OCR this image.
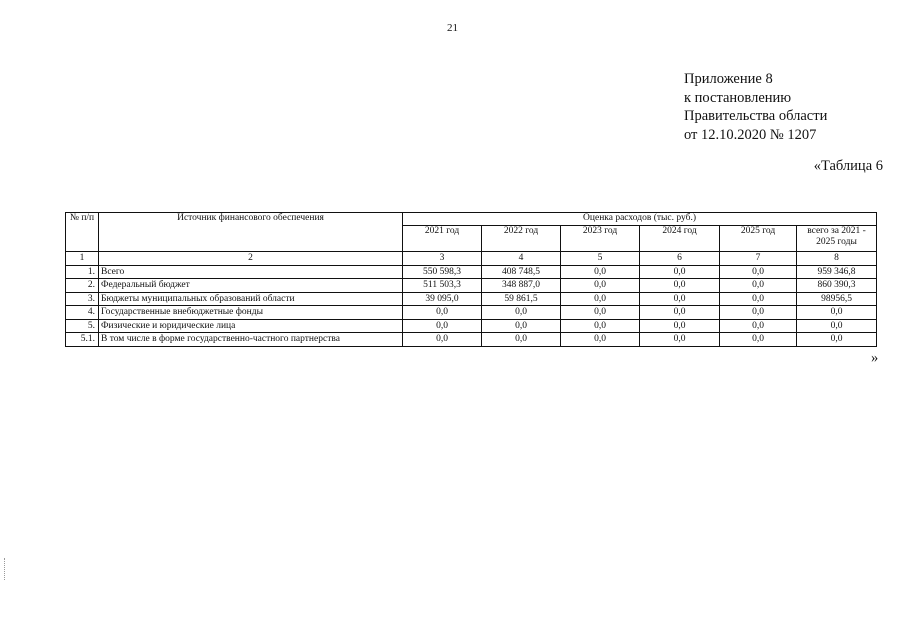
21
Приложение 8
к постановлению
Правительства области
от 12.10.2020 № 1207
«Таблица 6
№ п/п	Источник финансового обеспечения	Оценка расходов (тыс. руб.)					
		2021 год	2022 год	2023 год	2024 год	2025 год	всего за 2021 - 2025 годы
1	2	3	4	5	6	7	8
1.	Всего	550 598,3	408 748,5	0,0	0,0	0,0	959 346,8
2.	Федеральный бюджет	511 503,3	348 887,0	0,0	0,0	0,0	860 390,3
3.	Бюджеты муниципальных образований области	39 095,0	59 861,5	0,0	0,0	0,0	98956,5
4.	Государственные внебюджетные фонды	0,0	0,0	0,0	0,0	0,0	0,0
5.	Физические и юридические лица	0,0	0,0	0,0	0,0	0,0	0,0
5.1.	В том числе в форме государственно-частного партнерства	0,0	0,0	0,0	0,0	0,0	0,0
»
